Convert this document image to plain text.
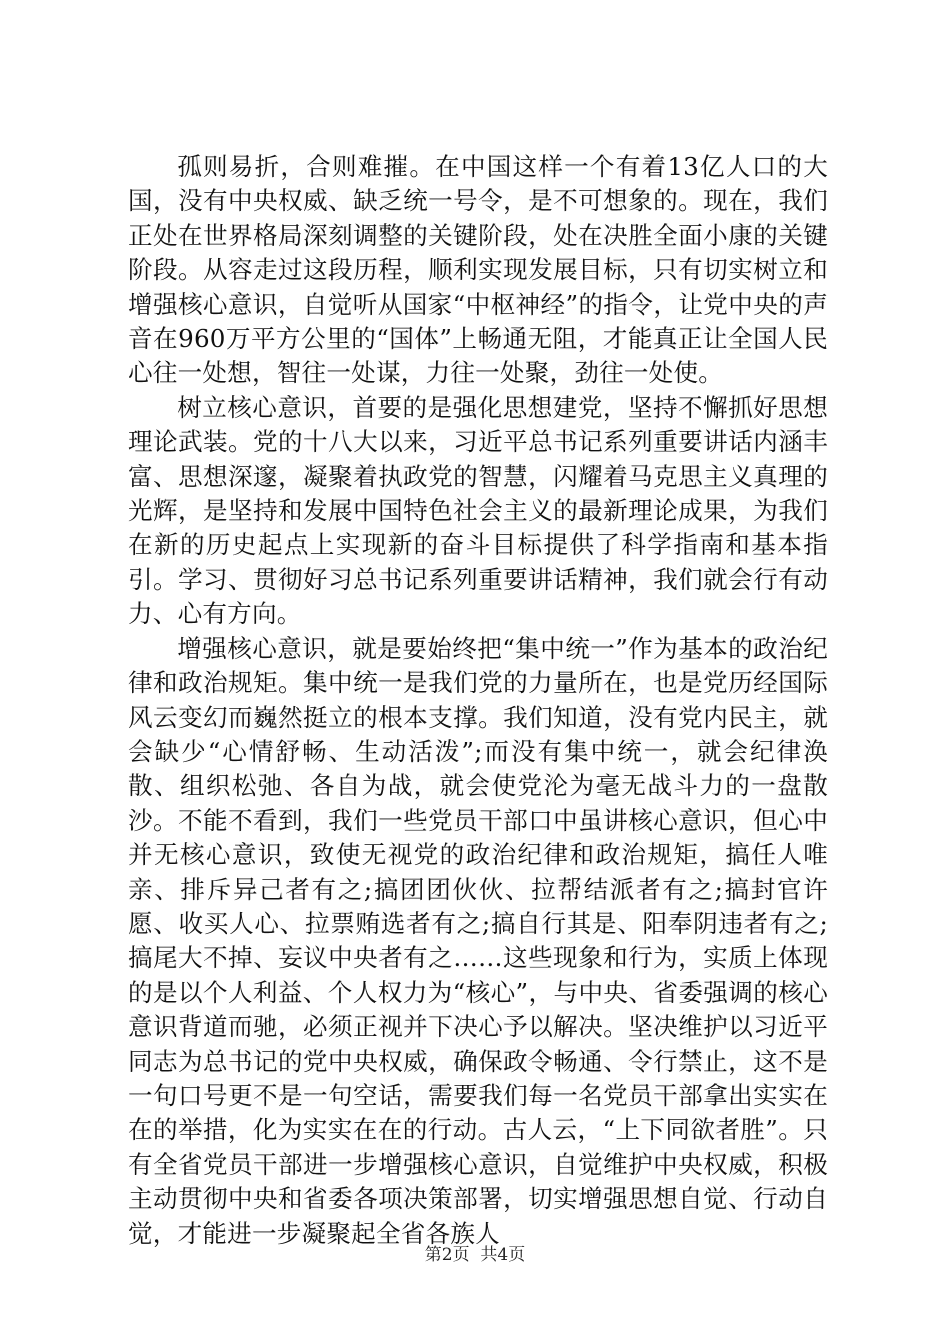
孤则易折，合则难摧。在中国这样一个有着13亿人口的大国，没有中央权威、缺乏统一号令，是不可想象的。现在，我们正处在世界格局深刻调整的关键阶段，处在决胜全面小康的关键阶段。从容走过这段历程，顺利实现发展目标，只有切实树立和增强核心意识，自觉听从国家“中枢神经”的指令，让党中央的声音在960万平方公里的“国体”上畅通无阻，才能真正让全国人民心往一处想，智往一处谋，力往一处聚，劲往一处使。

树立核心意识，首要的是强化思想建党，坚持不懈抓好思想理论武装。党的十八大以来，习近平总书记系列重要讲话内涵丰富、思想深邃，凝聚着执政党的智慧，闪耀着马克思主义真理的光辉，是坚持和发展中国特色社会主义的最新理论成果，为我们在新的历史起点上实现新的奋斗目标提供了科学指南和基本指引。学习、贯彻好习总书记系列重要讲话精神，我们就会行有动力、心有方向。

增强核心意识，就是要始终把“集中统一”作为基本的政治纪律和政治规矩。集中统一是我们党的力量所在，也是党历经国际风云变幻而巍然挺立的根本支撑。我们知道，没有党内民主，就会缺少“心情舒畅、生动活泼”;而没有集中统一，就会纪律涣散、组织松弛、各自为战，就会使党沦为毫无战斗力的一盘散沙。不能不看到，我们一些党员干部口中虽讲核心意识，但心中并无核心意识，致使无视党的政治纪律和政治规矩，搞任人唯亲、排斥异己者有之;搞团团伙伙、拉帮结派者有之;搞封官许愿、收买人心、拉票贿选者有之;搞自行其是、阳奉阴违者有之;搞尾大不掉、妄议中央者有之……这些现象和行为，实质上体现的是以个人利益、个人权力为“核心”，与中央、省委强调的核心意识背道而驰，必须正视并下决心予以解决。坚决维护以习近平同志为总书记的党中央权威，确保政令畅通、令行禁止，这不是一句口号更不是一句空话，需要我们每一名党员干部拿出实实在在的举措，化为实实在在的行动。古人云，“上下同欲者胜”。只有全省党员干部进一步增强核心意识，自觉维护中央权威，积极主动贯彻中央和省委各项决策部署，切实增强思想自觉、行动自觉，才能进一步凝聚起全省各族人

第2页  共4页
